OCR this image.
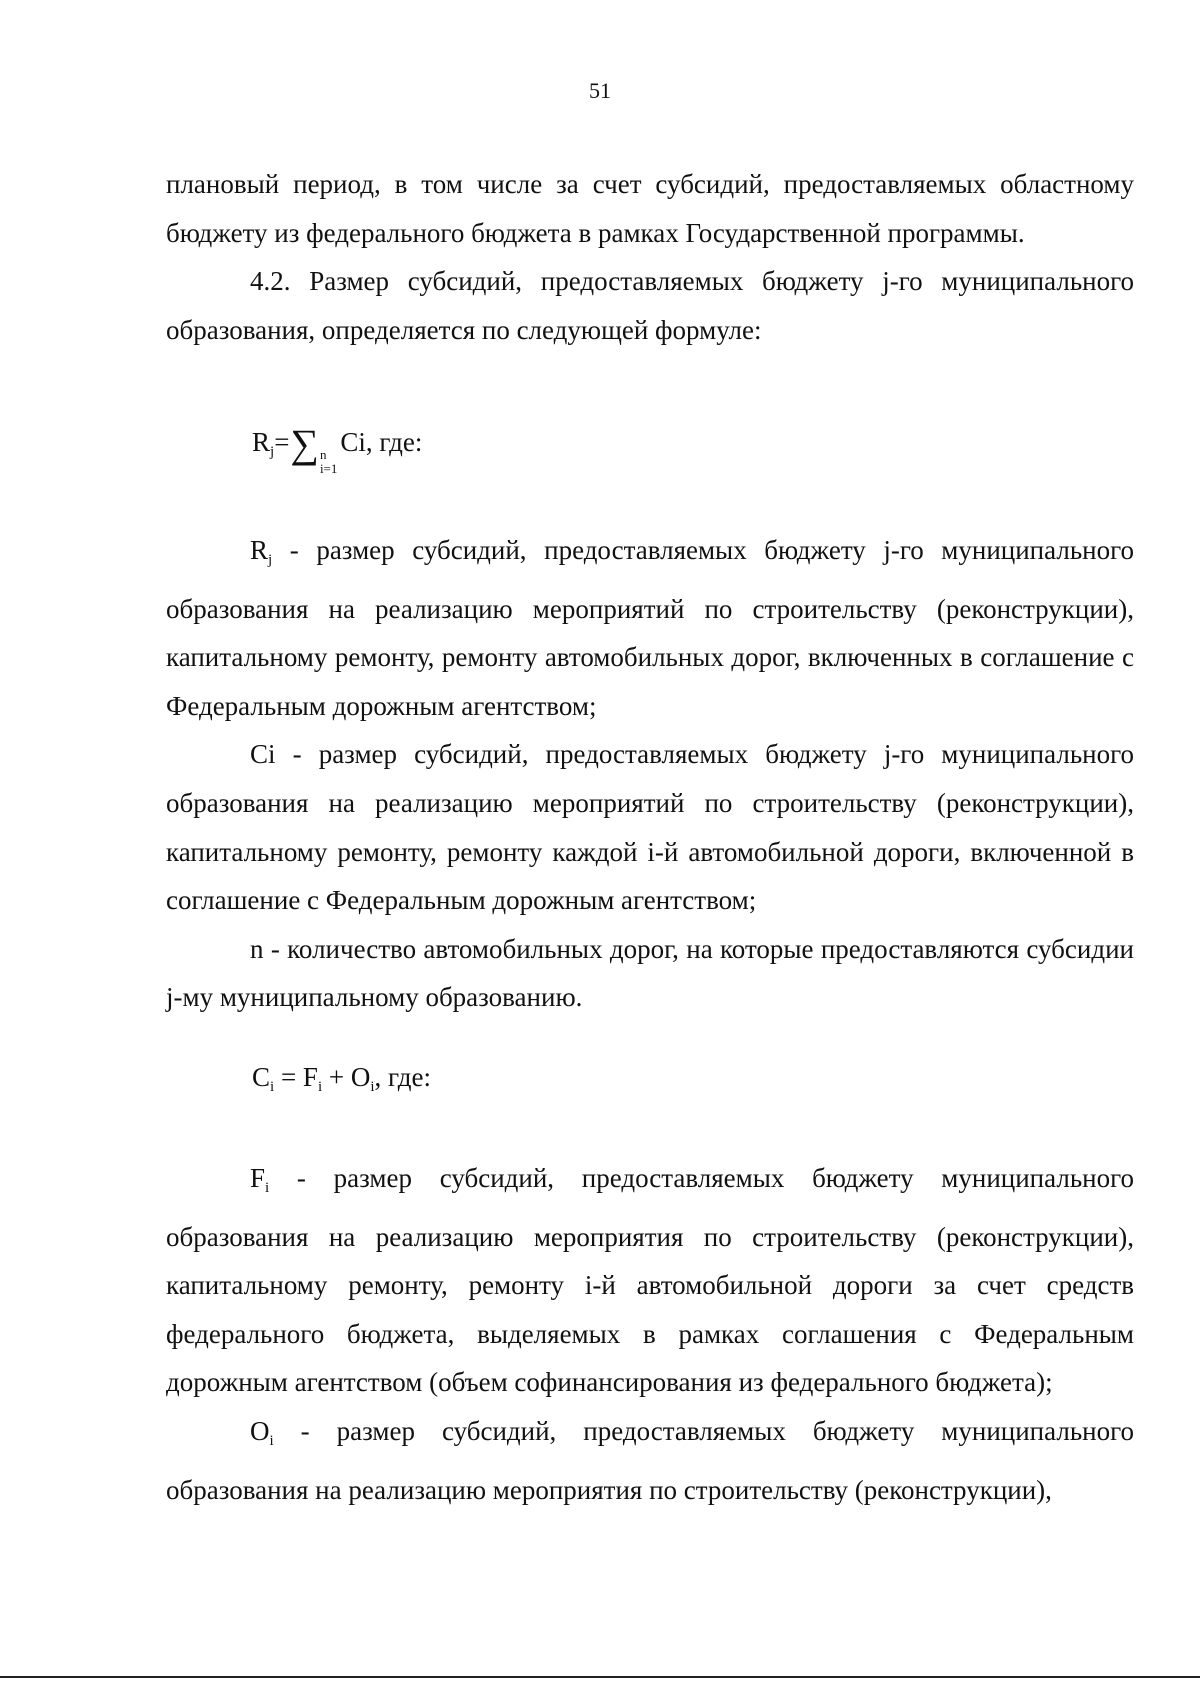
51

плановый период, в том числе за счет субсидий, предоставляемых областному бюджету из федерального бюджета в рамках Государственной программы.

4.2. Размер субсидий, предоставляемых бюджету j-го муниципального образования, определяется по следующей формуле:

$R_j=\sum$ n
i=1
Ci, где:

$R_j$ - размер субсидий, предоставляемых бюджету j-го муниципального образования на реализацию мероприятий по строительству (реконструкции), капитальному ремонту, ремонту автомобильных дорог, включенных в соглашение с Федеральным дорожным агентством;

Ci - размер субсидий, предоставляемых бюджету j-го муниципального образования на реализацию мероприятий по строительству (реконструкции), капитальному ремонту, ремонту каждой i-й автомобильной дороги, включенной в соглашение с Федеральным дорожным агентством;

n - количество автомобильных дорог, на которые предоставляются субсидии j-му муниципальному образованию.

$C_i = F_i + O_i$, где:

$F_i$ - размер субсидий, предоставляемых бюджету муниципального образования на реализацию мероприятия по строительству (реконструкции), капитальному ремонту, ремонту i-й автомобильной дороги за счет средств федерального бюджета, выделяемых в рамках соглашения с Федеральным дорожным агентством (объем софинансирования из федерального бюджета);

$O_i$ - размер субсидий, предоставляемых бюджету муниципального образования на реализацию мероприятия по строительству (реконструкции),
